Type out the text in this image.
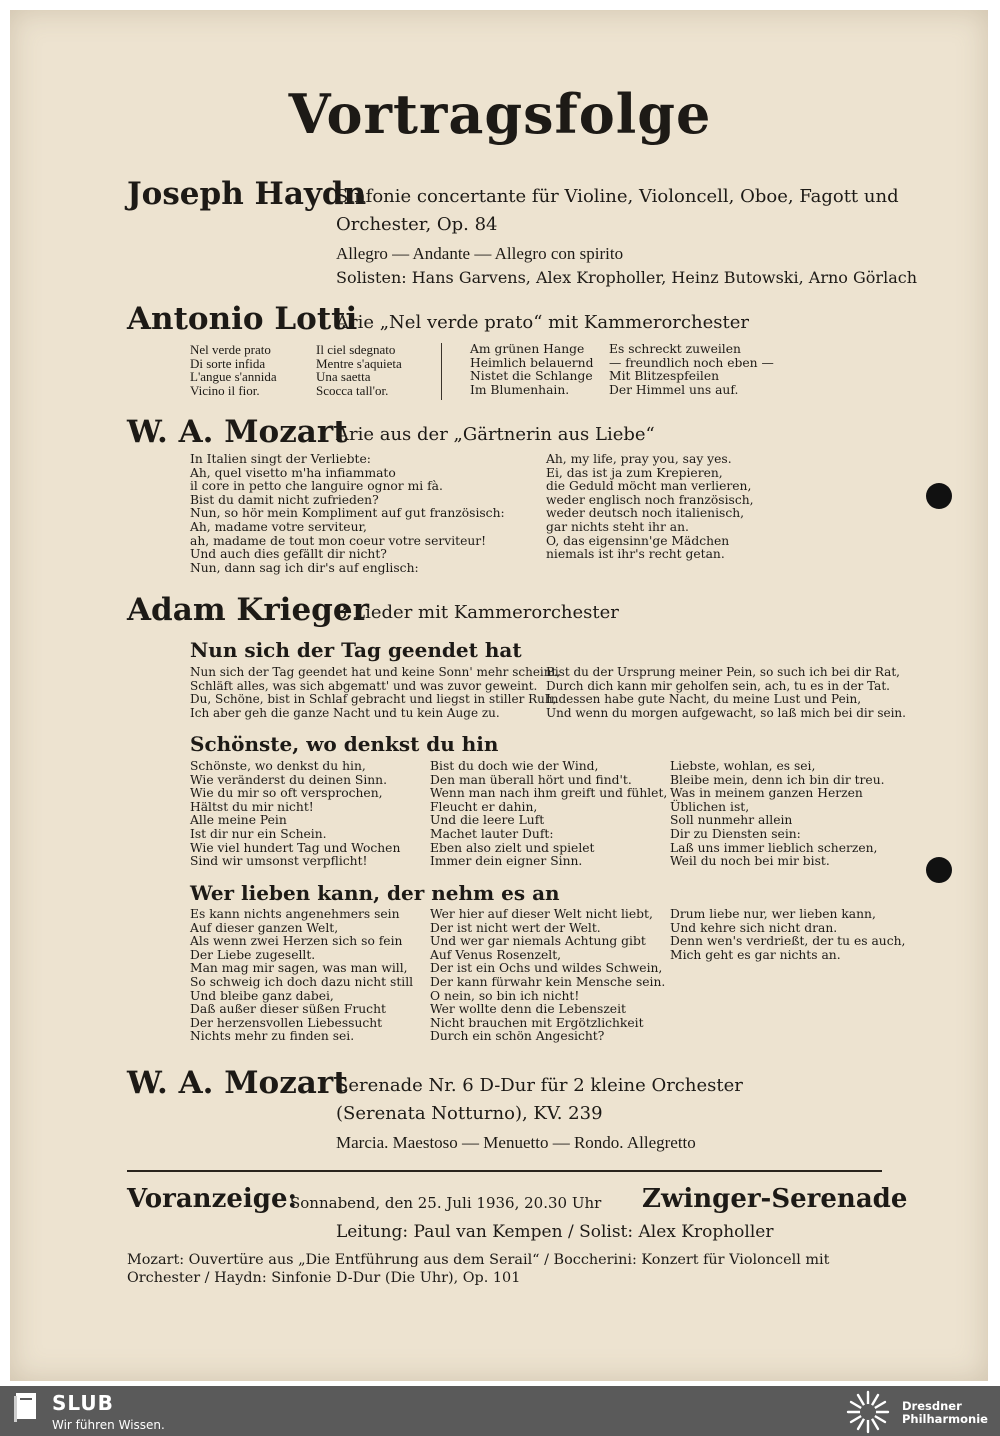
Vortragsfolge
Joseph Haydn
Sinfonie concertante für Violine, Violoncell, Oboe, Fagott und
Orchester, Op. 84
Allegro — Andante — Allegro con spirito
Solisten: Hans Garvens, Alex Kropholler, Heinz Butowski, Arno Görlach
Antonio Lotti
Arie „Nel verde prato“ mit Kammerorchester
Nel verde prato
Di sorte infida
L'angue s'annida
Vicino il fior.
Il ciel sdegnato
Mentre s'aquieta
Una saetta
Scocca tall'or.
Am grünen Hange
Heimlich belauernd
Nistet die Schlange
Im Blumenhain.
Es schreckt zuweilen
— freundlich noch eben —
Mit Blitzespfeilen
Der Himmel uns auf.
W. A. Mozart
Arie aus der „Gärtnerin aus Liebe“
In Italien singt der Verliebte:
Ah, quel visetto m'ha infiammato
il core in petto che languire ognor mi fà.
Bist du damit nicht zufrieden?
Nun, so hör mein Kompliment auf gut französisch:
Ah, madame votre serviteur,
ah, madame de tout mon coeur votre serviteur!
Und auch dies gefällt dir nicht?
Nun, dann sag ich dir's auf englisch:
Ah, my life, pray you, say yes.
Ei, das ist ja zum Krepieren,
die Geduld möcht man verlieren,
weder englisch noch französisch,
weder deutsch noch italienisch,
gar nichts steht ihr an.
O, das eigensinn'ge Mädchen
niemals ist ihr's recht getan.
Adam Krieger
3 Lieder mit Kammerorchester
Nun sich der Tag geendet hat
Nun sich der Tag geendet hat und keine Sonn' mehr scheint,
Schläft alles, was sich abgematt' und was zuvor geweint.
Du, Schöne, bist in Schlaf gebracht und liegst in stiller Ruh,
Ich aber geh die ganze Nacht und tu kein Auge zu.
Bist du der Ursprung meiner Pein, so such ich bei dir Rat,
Durch dich kann mir geholfen sein, ach, tu es in der Tat.
Indessen habe gute Nacht, du meine Lust und Pein,
Und wenn du morgen aufgewacht, so laß mich bei dir sein.
Schönste, wo denkst du hin
Schönste, wo denkst du hin,
Wie veränderst du deinen Sinn.
Wie du mir so oft versprochen,
Hältst du mir nicht!
Alle meine Pein
Ist dir nur ein Schein.
Wie viel hundert Tag und Wochen
Sind wir umsonst verpflicht!
Bist du doch wie der Wind,
Den man überall hört und find't.
Wenn man nach ihm greift und fühlet,
Fleucht er dahin,
Und die leere Luft
Machet lauter Duft:
Eben also zielt und spielet
Immer dein eigner Sinn.
Liebste, wohlan, es sei,
Bleibe mein, denn ich bin dir treu.
Was in meinem ganzen Herzen
Üblichen ist,
Soll nunmehr allein
Dir zu Diensten sein:
Laß uns immer lieblich scherzen,
Weil du noch bei mir bist.
Wer lieben kann, der nehm es an
Es kann nichts angenehmers sein
Auf dieser ganzen Welt,
Als wenn zwei Herzen sich so fein
Der Liebe zugesellt.
Man mag mir sagen, was man will,
So schweig ich doch dazu nicht still
Und bleibe ganz dabei,
Daß außer dieser süßen Frucht
Der herzensvollen Liebessucht
Nichts mehr zu finden sei.
Wer hier auf dieser Welt nicht liebt,
Der ist nicht wert der Welt.
Und wer gar niemals Achtung gibt
Auf Venus Rosenzelt,
Der ist ein Ochs und wildes Schwein,
Der kann fürwahr kein Mensche sein.
O nein, so bin ich nicht!
Wer wollte denn die Lebenszeit
Nicht brauchen mit Ergötzlichkeit
Durch ein schön Angesicht?
Drum liebe nur, wer lieben kann,
Und kehre sich nicht dran.
Denn wen's verdrießt, der tu es auch,
Mich geht es gar nichts an.
W. A. Mozart
Serenade Nr. 6 D-Dur für 2 kleine Orchester
(Serenata Notturno), KV. 239
Marcia. Maestoso — Menuetto — Rondo. Allegretto
Voranzeige:
Sonnabend, den 25. Juli 1936, 20.30 Uhr Zwinger-Serenade
Leitung: Paul van Kempen / Solist: Alex Kropholler
Mozart: Ouvertüre aus „Die Entführung aus dem Serail“ / Boccherini: Konzert für Violoncell mit
Orchester / Haydn: Sinfonie D-Dur (Die Uhr), Op. 101
SLUB
Wir führen Wissen.
Dresdner
Philharmonie
